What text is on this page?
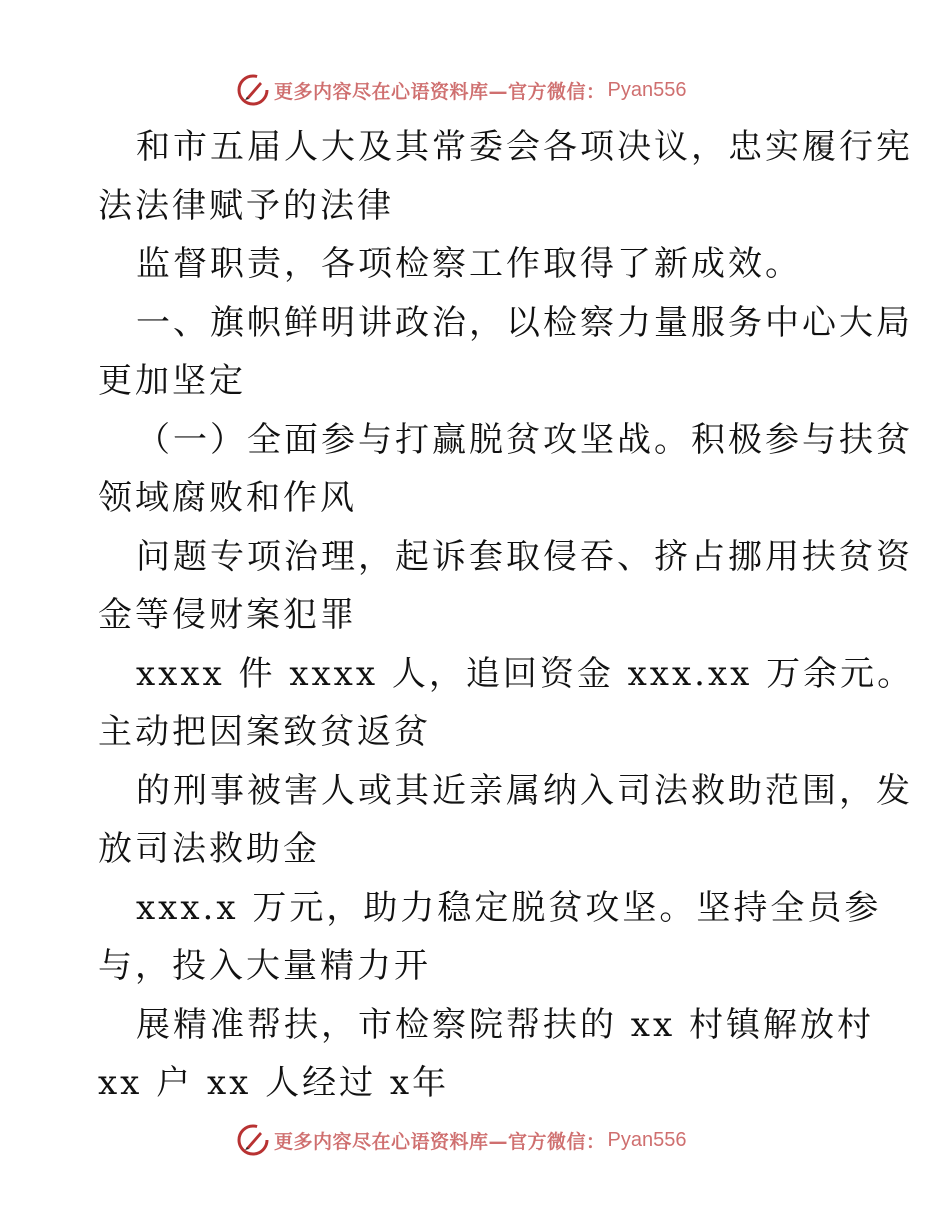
更多内容尽在心语资料库—官方微信： Pyan556
和市五届人大及其常委会各项决议，忠实履行宪
法法律赋予的法律
监督职责，各项检察工作取得了新成效。
一、旗帜鲜明讲政治，以检察力量服务中心大局
更加坚定
（一）全面参与打赢脱贫攻坚战。积极参与扶贫
领域腐败和作风
问题专项治理，起诉套取侵吞、挤占挪用扶贫资
金等侵财案犯罪
xxxx 件 xxxx 人，追回资金 xxx.xx 万余元。
主动把因案致贫返贫
的刑事被害人或其近亲属纳入司法救助范围，发
放司法救助金
xxx.x 万元，助力稳定脱贫攻坚。坚持全员参
与，投入大量精力开
展精准帮扶，市检察院帮扶的 xx 村镇解放村
xx 户 xx 人经过 x年
更多内容尽在心语资料库—官方微信： Pyan556
